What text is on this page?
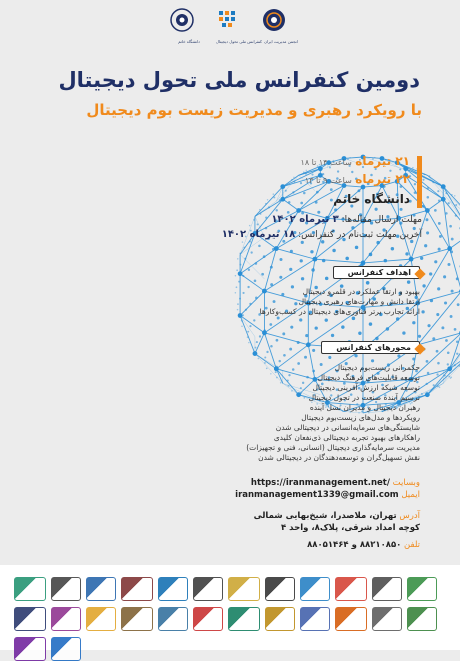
دانشگاه خاتم	کنفرانس ملی تحول دیجیتال انجمن مدیریت ایران
دومین کنفرانس ملی تحول دیجیتال
با رویکرد رهبری و مدیریت زیست بوم دیجیتال
۲۱ تیرماه ساعت ۱۴ تا ۱۸
۲۲ تیرماه ساعت ۹ تا ۱۳
دانشگاه خاتم
مهلت ارسال مقاله‌ها: ۳ تیرماه ۱۴۰۲
آخرین مهلت ثبت‌نام در کنفرانس: ۱۸ تیرماه ۱۴۰۲
اهداف کنفرانس
بهبود و ارتقا عملکرد در قلمرو دیجیتال
ارتقا دانش و مهارت‌های رهبری دیجیتال
ارائه تجارب برتر فناوری‌های دیجیتال در کسب‌وکارها
محورهای کنفرانس
حکمرانی زیست‌بوم دیجیتال
توسعه قابلیت‌های فرهنگ دیجیتال
توسعه شبکه ارزش آفرینی دیجیتال
ترسیم آینده صنعت در تحول دیجیتال
رهبران دیجیتال و مدیران نسل آینده
رویکردها و مدل‌های زیست‌بوم دیجیتال
شایستگی‌های سرمایه‌انسانی در دیجیتالی شدن
راهکارهای بهبود تجربه دیجیتالی ذی‌نفعان کلیدی
مدیریت سرمایه‌گذاری دیجیتال (انسانی، فنی و تجهیزات)
نقش تسهیل‌گران و توسعه‌دهندگان در دیجیتالی شدن
وبسایت https://iranmanagement.net/
ایمیل iranmanagement1339@gmail.com
آدرس تهران، ملاصدرا، شیخ‌بهایی شمالی
کوچه امداد شرقی، پلاک۸، واحد ۴
تلفن ۸۸۲۱۰۸۵۰ و ۸۸۰۵۱۴۶۴
